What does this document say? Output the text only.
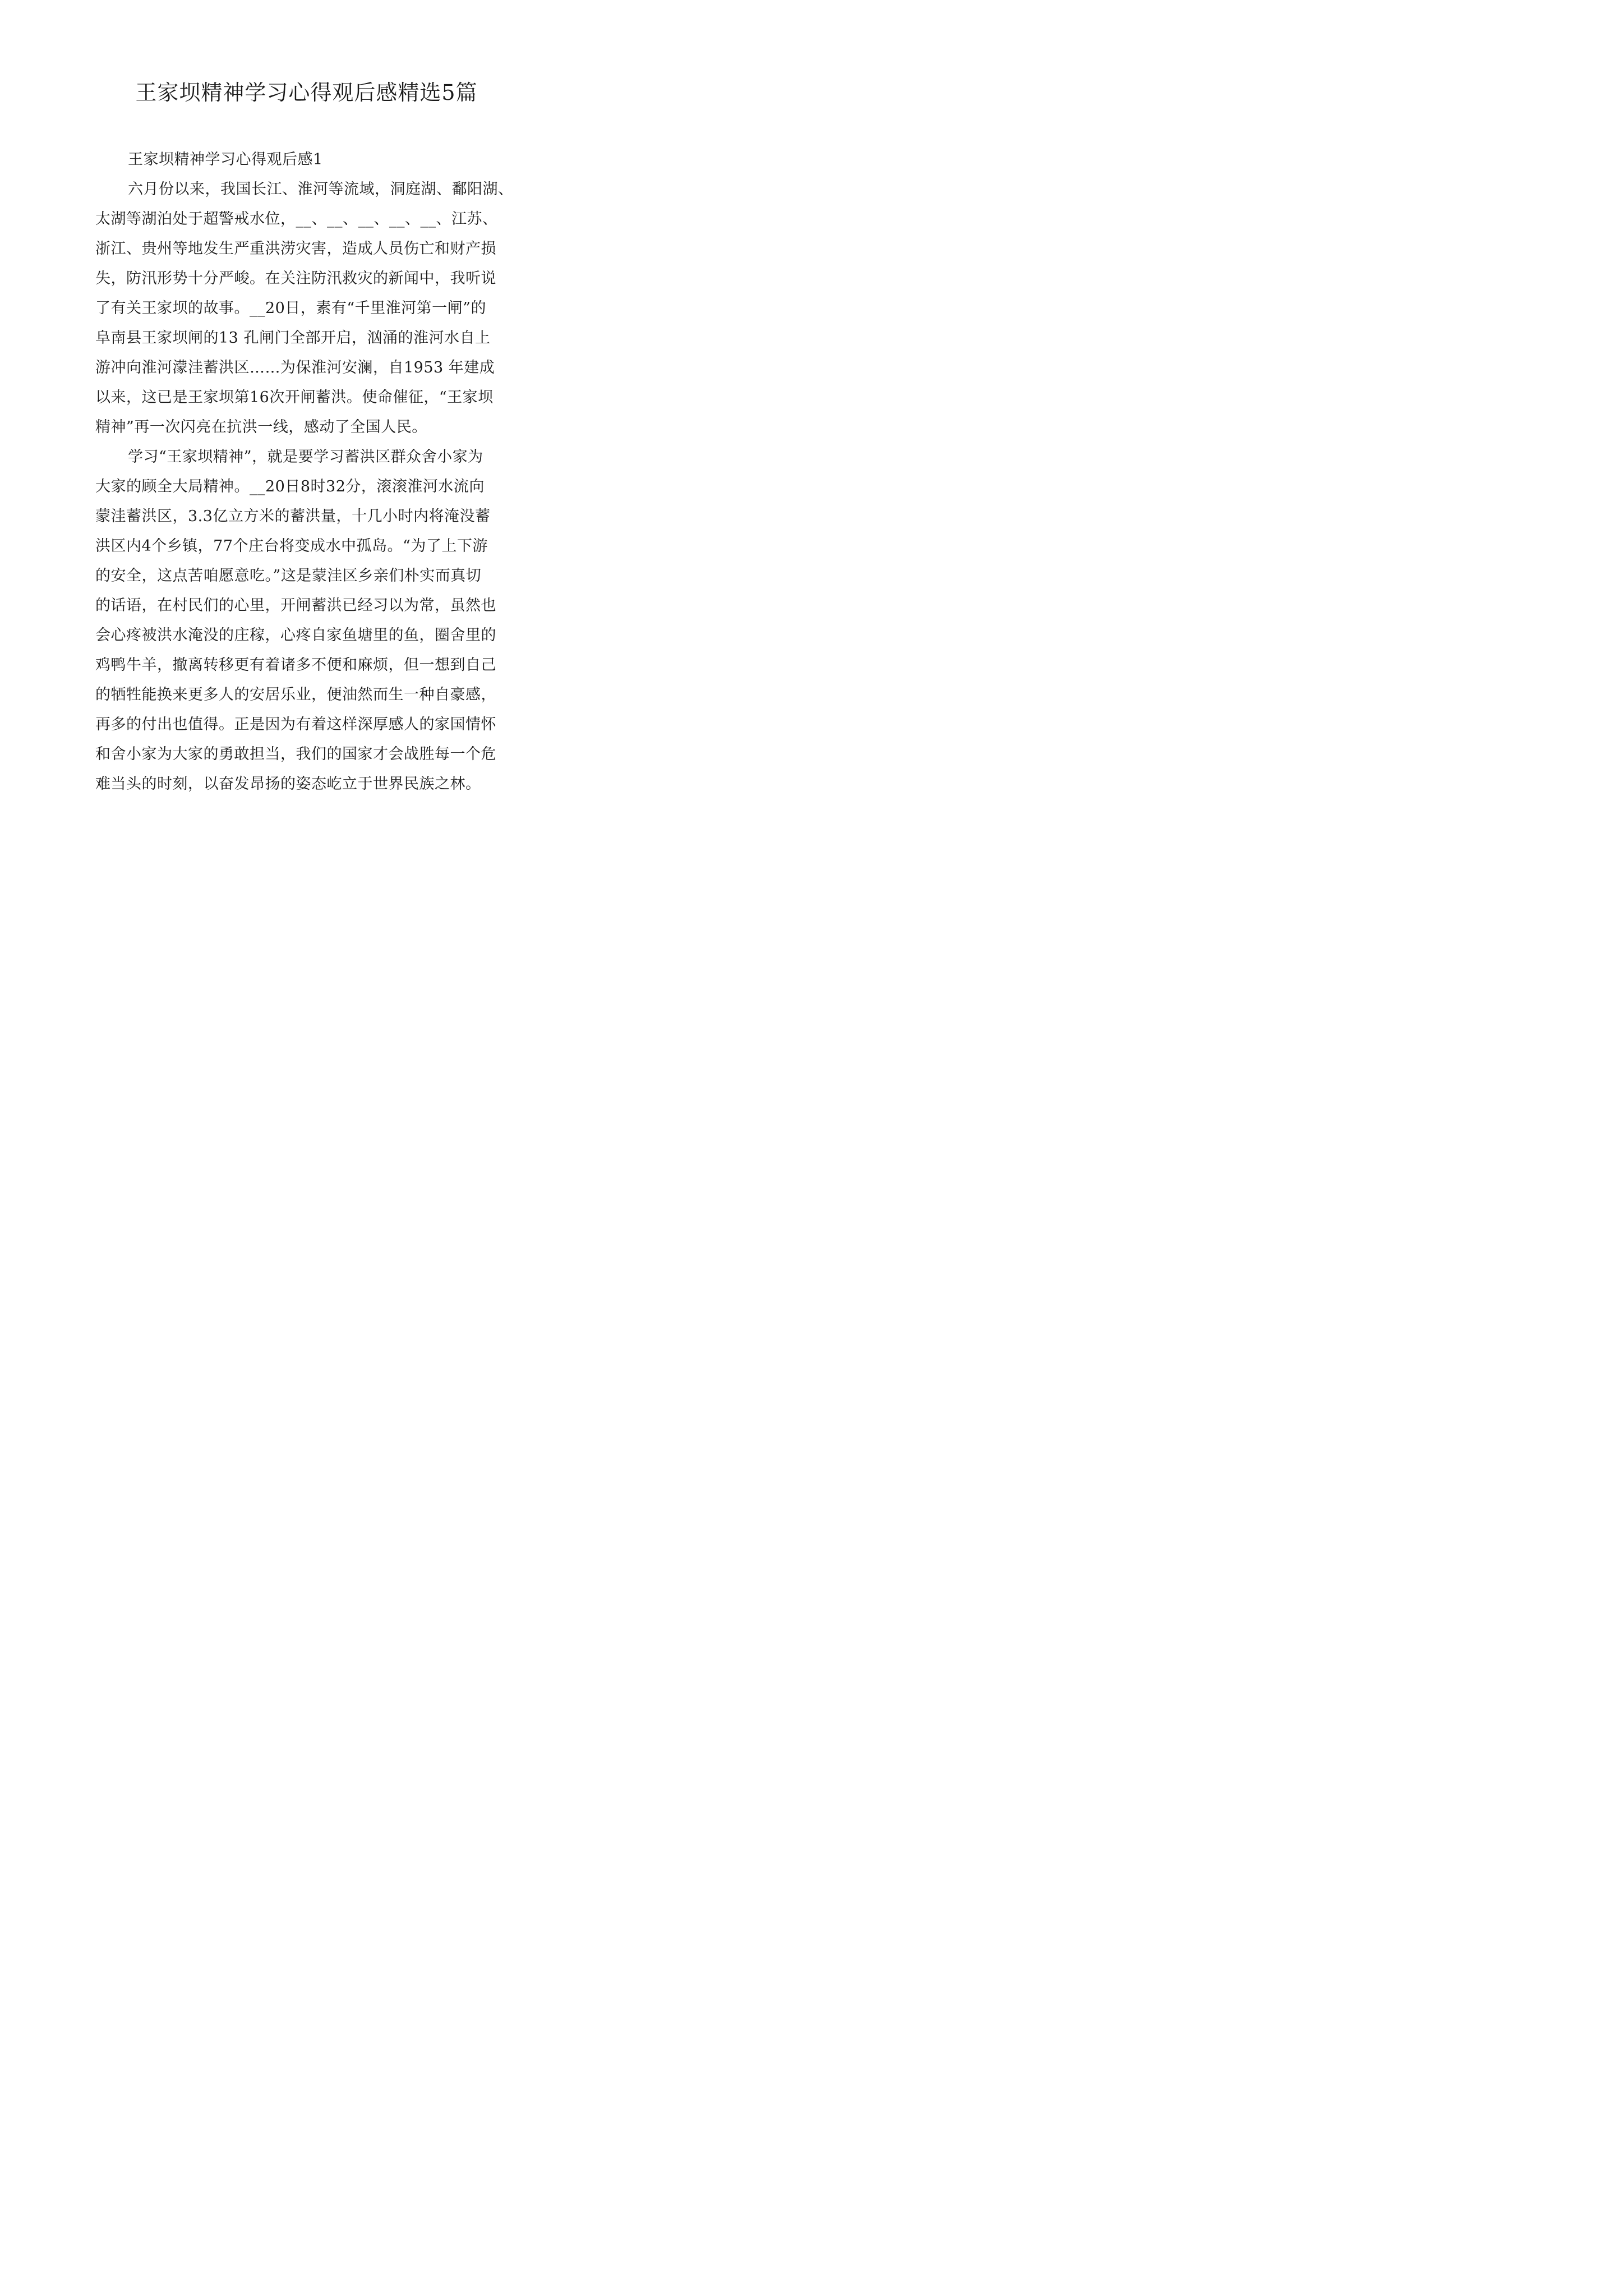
王家坝精神学习心得观后感精选5篇
王家坝精神学习心得观后感1
六月份以来，我国长江、淮河等流域，洞庭湖、鄱阳湖、
太湖等湖泊处于超警戒水位，__、__、__、__、__、江苏、
浙江、贵州等地发生严重洪涝灾害，造成人员伤亡和财产损
失，防汛形势十分严峻。在关注防汛救灾的新闻中，我听说
了有关王家坝的故事。__20日，素有“千里淮河第一闸”的
阜南县王家坝闸的13 孔闸门全部开启，汹涌的淮河水自上
游冲向淮河濛洼蓄洪区……为保淮河安澜，自1953 年建成
以来，这已是王家坝第16次开闸蓄洪。使命催征，“王家坝
精神”再一次闪亮在抗洪一线，感动了全国人民。
学习“王家坝精神”，就是要学习蓄洪区群众舍小家为
大家的顾全大局精神。__20日8时32分，滚滚淮河水流向
蒙洼蓄洪区，3.3亿立方米的蓄洪量，十几小时内将淹没蓄
洪区内4个乡镇，77个庄台将变成水中孤岛。“为了上下游
的安全，这点苦咱愿意吃。”这是蒙洼区乡亲们朴实而真切
的话语，在村民们的心里，开闸蓄洪已经习以为常，虽然也
会心疼被洪水淹没的庄稼，心疼自家鱼塘里的鱼，圈舍里的
鸡鸭牛羊，撤离转移更有着诸多不便和麻烦，但一想到自己
的牺牲能换来更多人的安居乐业，便油然而生一种自豪感，
再多的付出也值得。正是因为有着这样深厚感人的家国情怀
和舍小家为大家的勇敢担当，我们的国家才会战胜每一个危
难当头的时刻，以奋发昂扬的姿态屹立于世界民族之林。
